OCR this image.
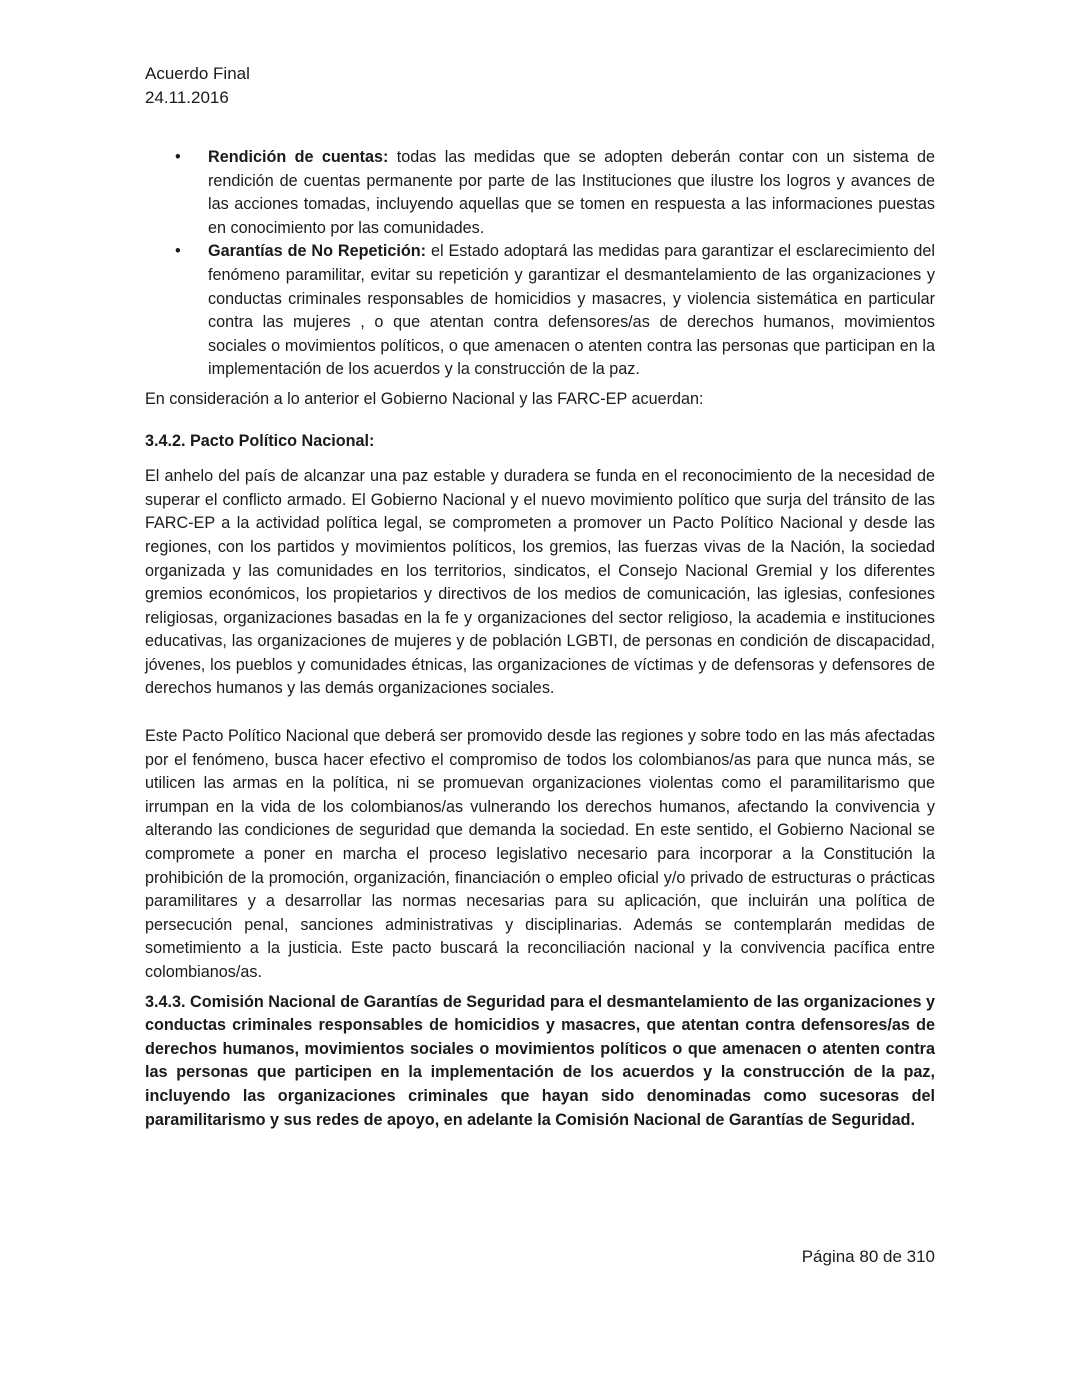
Acuerdo Final
24.11.2016
• Rendición de cuentas: todas las medidas que se adopten deberán contar con un sistema de rendición de cuentas permanente por parte de las Instituciones que ilustre los logros y avances de las acciones tomadas, incluyendo aquellas que se tomen en respuesta a las informaciones puestas en conocimiento por las comunidades.
• Garantías de No Repetición: el Estado adoptará las medidas para garantizar el esclarecimiento del fenómeno paramilitar, evitar su repetición y garantizar el desmantelamiento de las organizaciones y conductas criminales responsables de homicidios y masacres, y violencia sistemática en particular contra las mujeres , o que atentan contra defensores/as de derechos humanos, movimientos sociales o movimientos políticos, o que amenacen o atenten contra las personas que participan en la implementación de los acuerdos y la construcción de la paz.

En consideración a lo anterior el Gobierno Nacional y las FARC-EP acuerdan:

3.4.2. Pacto Político Nacional:

El anhelo del país de alcanzar una paz estable y duradera se funda en el reconocimiento de la necesidad de superar el conflicto armado. El Gobierno Nacional y el nuevo movimiento político que surja del tránsito de las FARC-EP a la actividad política legal, se comprometen a promover un Pacto Político Nacional y desde las regiones, con los partidos y movimientos políticos, los gremios, las fuerzas vivas de la Nación, la sociedad organizada y las comunidades en los territorios, sindicatos, el Consejo Nacional Gremial y los diferentes gremios económicos, los propietarios y directivos de los medios de comunicación, las iglesias, confesiones religiosas, organizaciones basadas en la fe y organizaciones del sector religioso, la academia e instituciones educativas, las organizaciones de mujeres y de población LGBTI, de personas en condición de discapacidad, jóvenes, los pueblos y comunidades étnicas, las organizaciones de víctimas y de defensoras y defensores de derechos humanos y las demás organizaciones sociales.

Este Pacto Político Nacional que deberá ser promovido desde las regiones y sobre todo en las más afectadas por el fenómeno, busca hacer efectivo el compromiso de todos los colombianos/as para que nunca más, se utilicen las armas en la política, ni se promuevan organizaciones violentas como el paramilitarismo que irrumpan en la vida de los colombianos/as vulnerando los derechos humanos, afectando la convivencia y alterando las condiciones de seguridad que demanda la sociedad. En este sentido, el Gobierno Nacional se compromete a poner en marcha el proceso legislativo necesario para incorporar a la Constitución la prohibición de la promoción, organización, financiación o empleo oficial y/o privado de estructuras o prácticas paramilitares y a desarrollar las normas necesarias para su aplicación, que incluirán una política de persecución penal, sanciones administrativas y disciplinarias. Además se contemplarán medidas de sometimiento a la justicia. Este pacto buscará la reconciliación nacional y la convivencia pacífica entre colombianos/as.

3.4.3. Comisión Nacional de Garantías de Seguridad para el desmantelamiento de las organizaciones y conductas criminales responsables de homicidios y masacres, que atentan contra defensores/as de derechos humanos, movimientos sociales o movimientos políticos o que amenacen o atenten contra las personas que participen en la implementación de los acuerdos y la construcción de la paz, incluyendo las organizaciones criminales que hayan sido denominadas como sucesoras del paramilitarismo y sus redes de apoyo, en adelante la Comisión Nacional de Garantías de Seguridad.

Página 80 de 310
